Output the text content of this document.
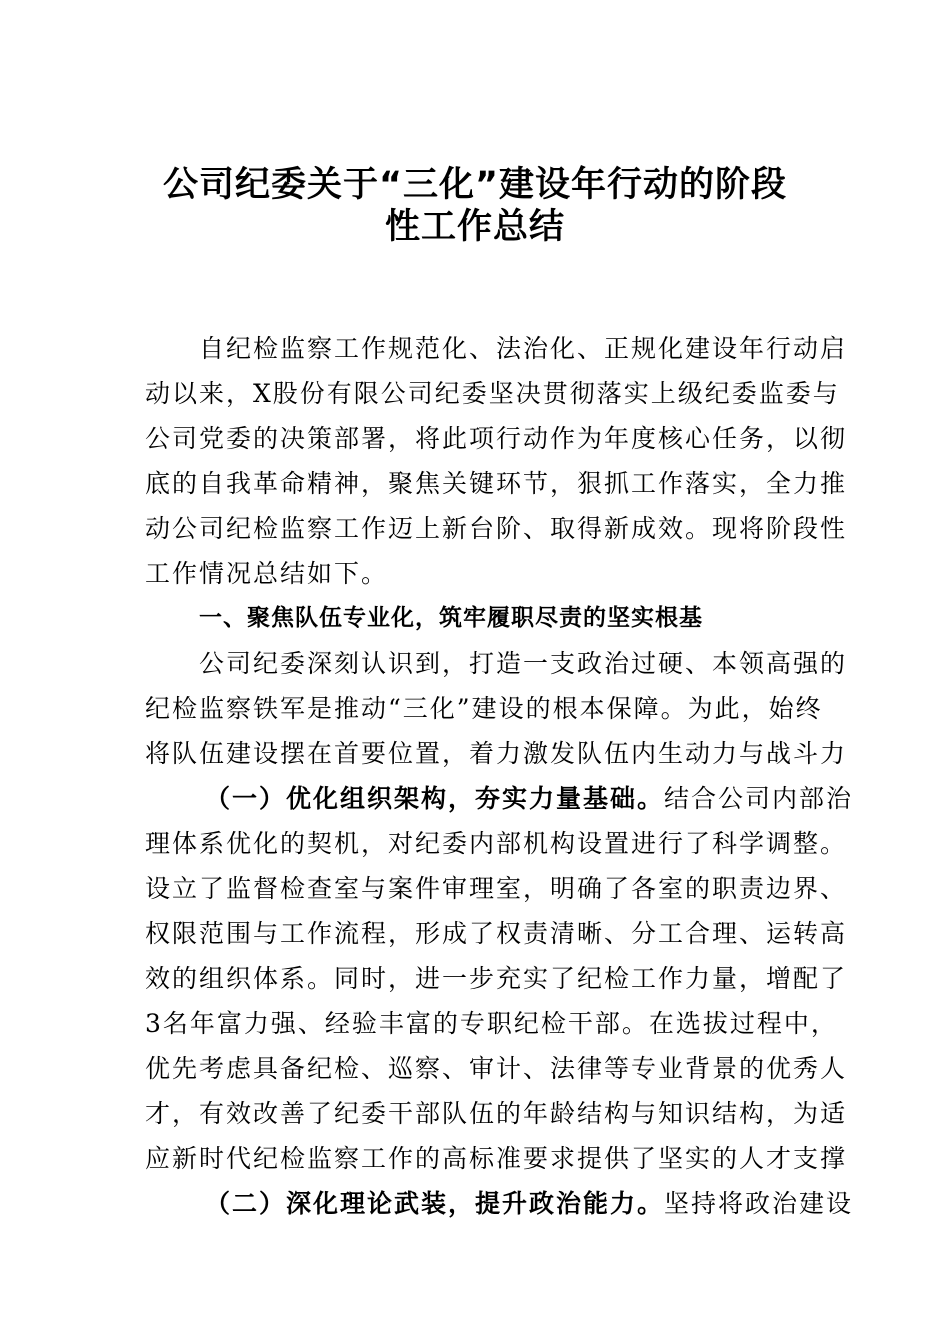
公司纪委关于“三化”建设年行动的阶段
性工作总结
自纪检监察工作规范化、法治化、正规化建设年行动启
动以来，X股份有限公司纪委坚决贯彻落实上级纪委监委与
公司党委的决策部署，将此项行动作为年度核心任务，以彻
底的自我革命精神，聚焦关键环节，狠抓工作落实，全力推
动公司纪检监察工作迈上新台阶、取得新成效。现将阶段性
工作情况总结如下。
一、聚焦队伍专业化，筑牢履职尽责的坚实根基
公司纪委深刻认识到，打造一支政治过硬、本领高强的
纪检监察铁军是推动“三化”建设的根本保障。为此，始终
将队伍建设摆在首要位置，着力激发队伍内生动力与战斗力
（一）优化组织架构，夯实力量基础。结合公司内部治
理体系优化的契机，对纪委内部机构设置进行了科学调整。
设立了监督检查室与案件审理室，明确了各室的职责边界、
权限范围与工作流程，形成了权责清晰、分工合理、运转高
效的组织体系。同时，进一步充实了纪检工作力量，增配了
3名年富力强、经验丰富的专职纪检干部。在选拔过程中，
优先考虑具备纪检、巡察、审计、法律等专业背景的优秀人
才，有效改善了纪委干部队伍的年龄结构与知识结构，为适
应新时代纪检监察工作的高标准要求提供了坚实的人才支撑
（二）深化理论武装，提升政治能力。坚持将政治建设
